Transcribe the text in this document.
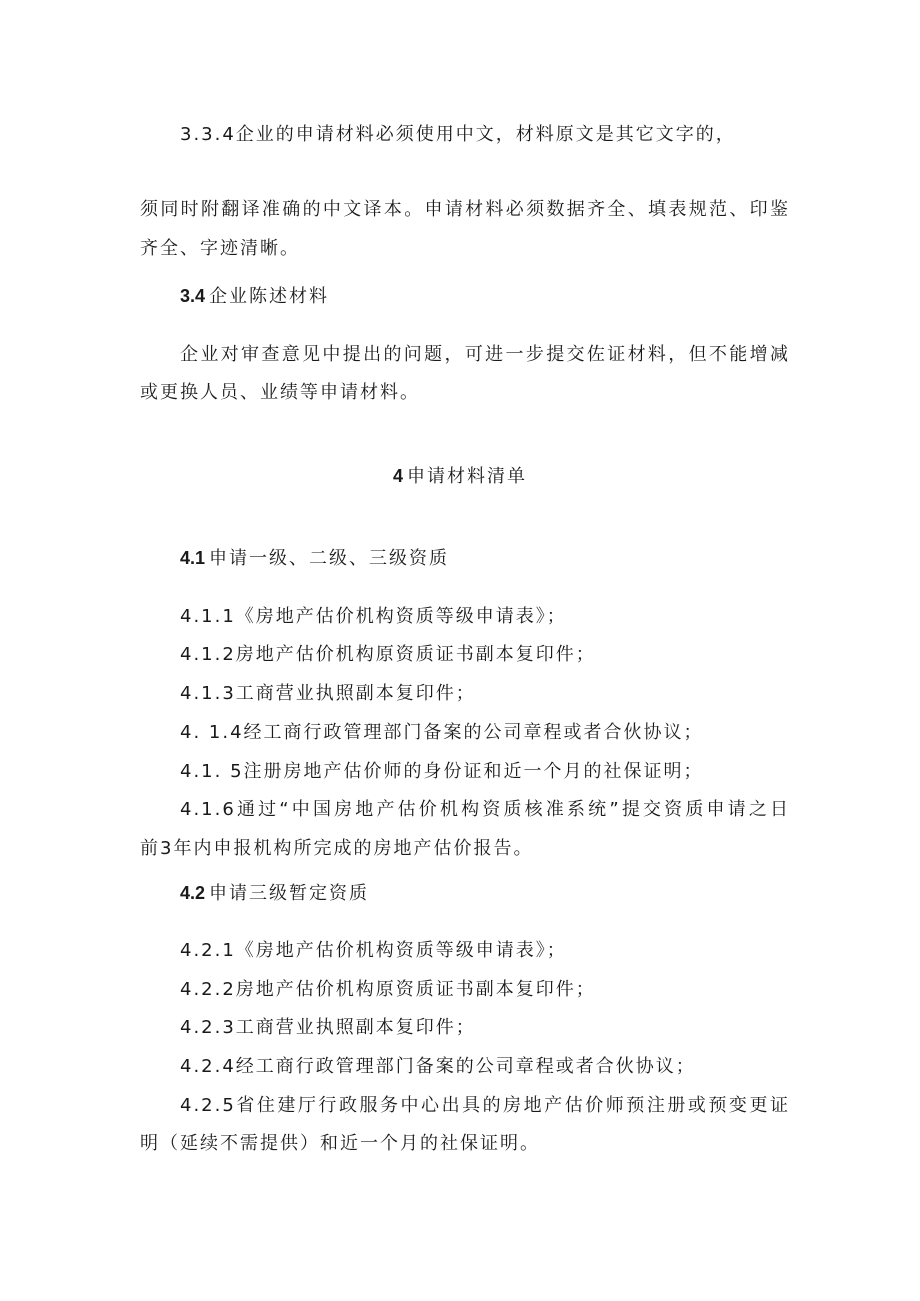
3.3.4企业的申请材料必须使用中文，材料原文是其它文字的，
须同时附翻译准确的中文译本。申请材料必须数据齐全、填表规范、印鉴
齐全、字迹清晰。
3.4 企业陈述材料
企业对审查意见中提出的问题，可进一步提交佐证材料，但不能增减
或更换人员、业绩等申请材料。
4 申请材料清单
4.1 申请一级、二级、三级资质
4.1.1《房地产估价机构资质等级申请表》；
4.1.2房地产估价机构原资质证书副本复印件；
4.1.3工商营业执照副本复印件；
4. 1.4经工商行政管理部门备案的公司章程或者合伙协议；
4.1. 5注册房地产估价师的身份证和近一个月的社保证明；
4.1.6通过“中国房地产估价机构资质核准系统”提交资质申请之日
前3年内申报机构所完成的房地产估价报告。
4.2 申请三级暂定资质
4.2.1《房地产估价机构资质等级申请表》；
4.2.2房地产估价机构原资质证书副本复印件；
4.2.3工商营业执照副本复印件；
4.2.4经工商行政管理部门备案的公司章程或者合伙协议；
4.2.5省住建厅行政服务中心出具的房地产估价师预注册或预变更证
明（延续不需提供）和近一个月的社保证明。
